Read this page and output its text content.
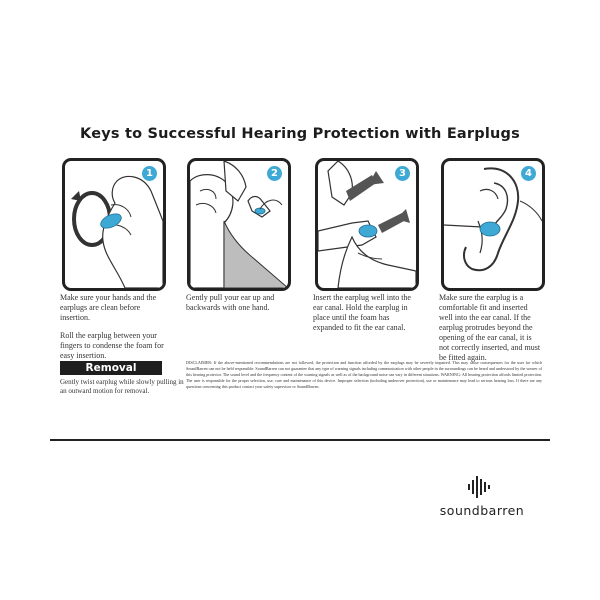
Keys to Successful Hearing Protection with Earplugs
1	2	3	4
Make sure your hands and the earplugs are clean before insertion.
Roll the earplug between your fingers to condense the foam for easy insertion.
Gently pull your ear up and backwards with one hand.
Insert the earplug well into the ear canal. Hold the earplug in place until the foam has expanded to fit the ear canal.
Make sure the earplug is a comfortable fit and inserted well into the ear canal. If the earplug protrudes beyond the opening of the ear canal, it is not correctly inserted, and must be fitted again.
Removal
Gently twist earplug while slowly pulling in an outward motion for removal.
DISCLAIMER: If the above-mentioned recommendations are not followed, the protection and function afforded by the earplugs may be severely impaired. This may cause consequences for the user for which SoundBarren can not be held responsible. SoundBarren can not guarantee that any type of warning signals including communication with other people in the surroundings can be heard and understood by the wearer of this hearing protector. The sound level and the frequency content of the warning signals as well as of the background noise can vary in different situations. WARNING: All hearing protection affords limited protection. The user is responsible for the proper selection, use, care and maintenance of this device. Improper selection (including underover protection), use or maintenance may lead to serious hearing loss. If there are any questions concerning this product contact your safety supervisor or SoundBarren.
soundbarren
